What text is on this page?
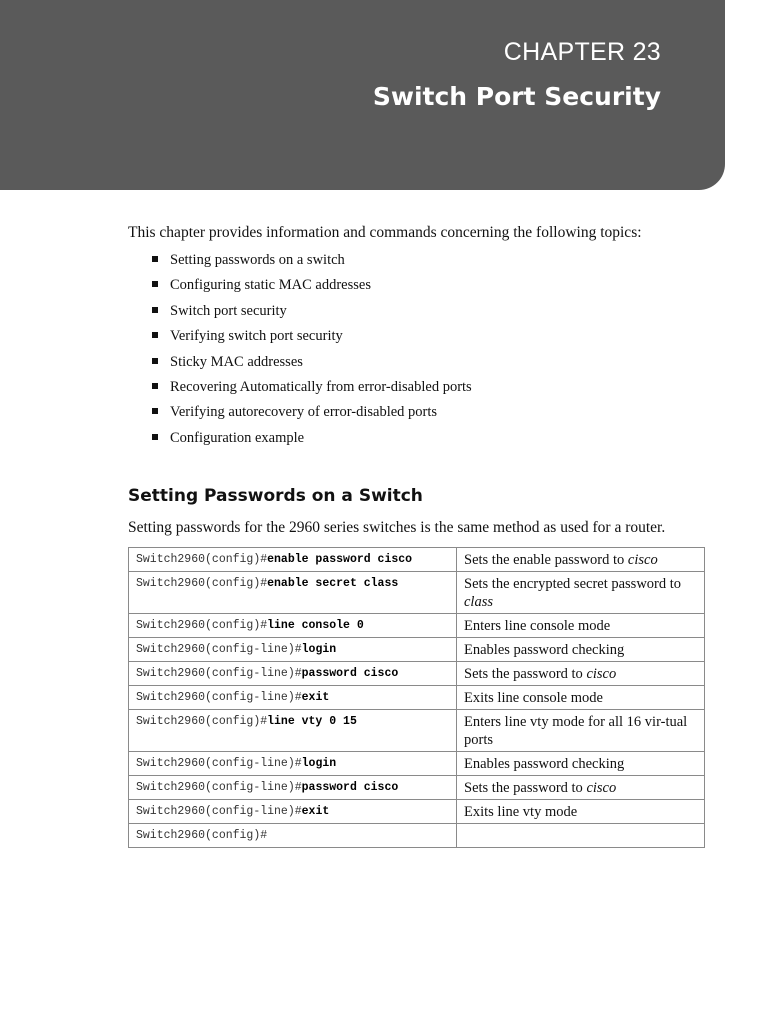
CHAPTER 23
Switch Port Security

This chapter provides information and commands concerning the following topics:

Setting passwords on a switch
Configuring static MAC addresses
Switch port security
Verifying switch port security
Sticky MAC addresses
Recovering Automatically from error-disabled ports
Verifying autorecovery of error-disabled ports
Configuration example
Setting Passwords on a Switch

Setting passwords for the 2960 series switches is the same method as used for a router.

Switch2960(config)#enable password cisco	Sets the enable password to cisco
Switch2960(config)#enable secret class	Sets the encrypted secret password to class
Switch2960(config)#line console 0	Enters line console mode
Switch2960(config-line)#login	Enables password checking
Switch2960(config-line)#password cisco	Sets the password to cisco
Switch2960(config-line)#exit	Exits line console mode
Switch2960(config)#line vty 0 15	Enters line vty mode for all 16 vir-tual ports
Switch2960(config-line)#login	Enables password checking
Switch2960(config-line)#password cisco	Sets the password to cisco
Switch2960(config-line)#exit	Exits line vty mode
Switch2960(config)#	
